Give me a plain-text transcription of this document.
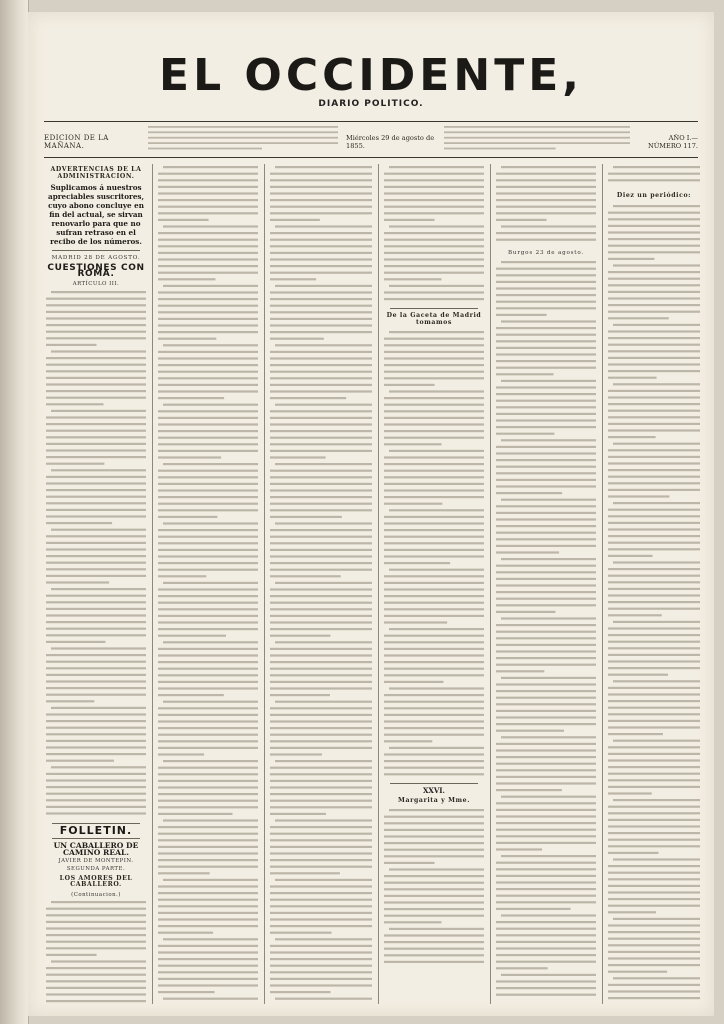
EL OCCIDENTE,
DIARIO POLITICO.
EDICION DE LA MAÑANA.
Miércoles 29 de agosto de 1855.
AÑO I.—NÚMERO 117.
ADVERTENCIAS DE LA ADMINISTRACION.
Suplicamos á nuestros apreciables suscritores, cuyo abono concluye en fin del actual, se sirvan renovarlo para que no sufran retraso en el recibo de los números.
MADRID 28 DE AGOSTO.
CUESTIONES CON ROMA.
ARTÍCULO III.
FOLLETIN.
UN CABALLERO DE CAMINO REAL.
JAVIER DE MONTEPIN.
SEGUNDA PARTE.
LOS AMORES DEL CABALLERO.
(Continuacion.)
De la Gaceta de Madrid tomamos
XXVI.
Margarita y Mme.
Burgos 23 de agosto.
Diez un periódico:
